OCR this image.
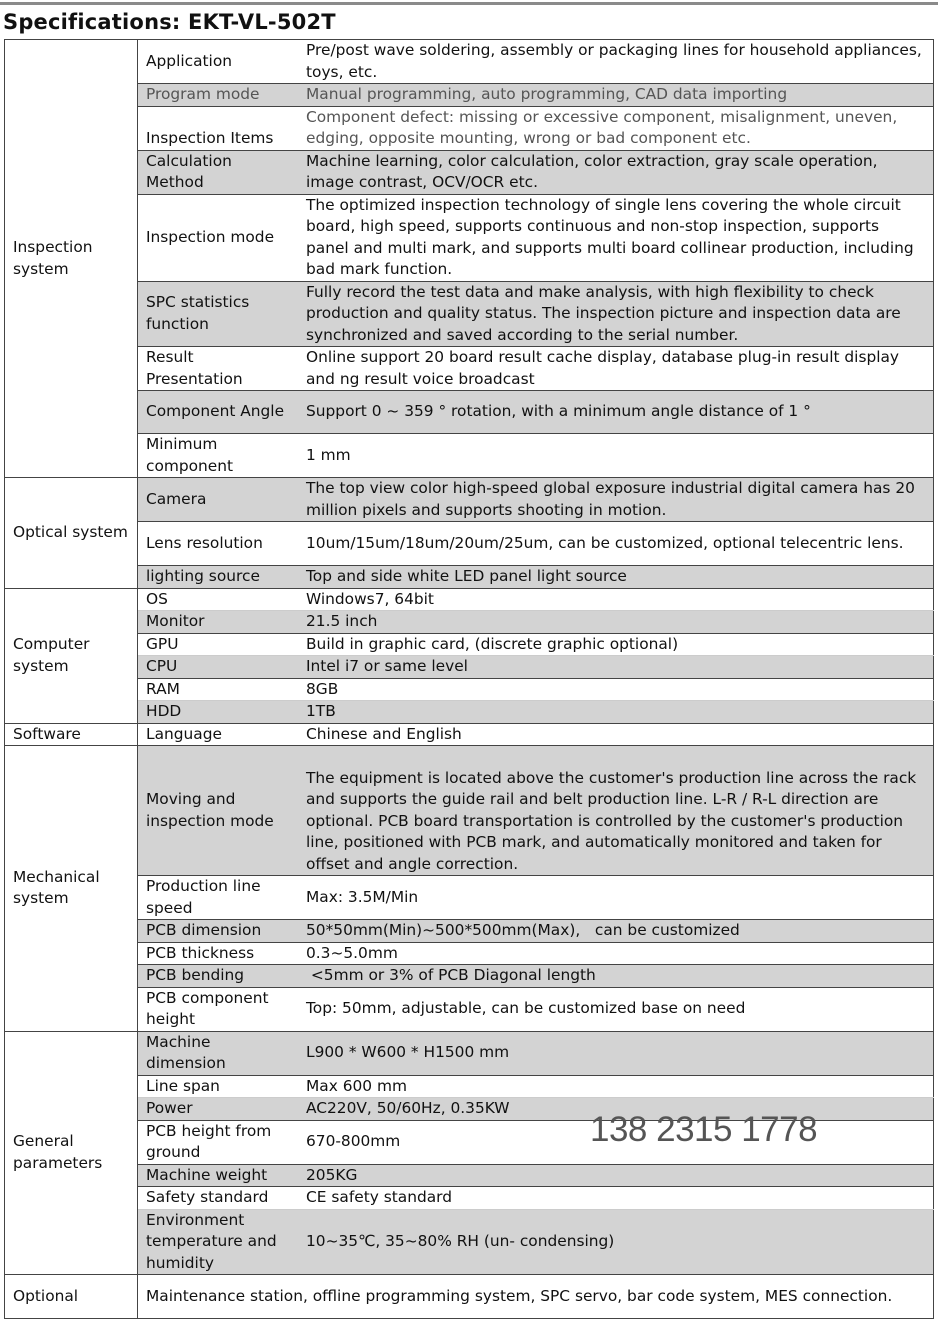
Specifications: EKT-VL-502T
Inspection system	Application	Pre/post wave soldering, assembly or packaging lines for household appliances, toys, etc.
	Program mode	Manual programming, auto programming, CAD data importing
	Inspection Items	Component defect: missing or excessive component, misalignment, uneven, edging, opposite mounting, wrong or bad component etc.
	Calculation Method	Machine learning, color calculation, color extraction, gray scale operation, image contrast, OCV/OCR etc.
	Inspection mode	The optimized inspection technology of single lens covering the whole circuit board, high speed, supports continuous and non-stop inspection, supports panel and multi mark, and supports multi board collinear production, including bad mark function.
	SPC statistics function	Fully record the test data and make analysis, with high flexibility to check production and quality status. The inspection picture and inspection data are synchronized and saved according to the serial number.
	Result Presentation	Online support 20 board result cache display, database plug-in result display and ng result voice broadcast
	Component Angle	Support 0 ~ 359 ° rotation, with a minimum angle distance of 1 °
	Minimum component	1 mm
Optical system	Camera	The top view color high-speed global exposure industrial digital camera has 20 million pixels and supports shooting in motion.
	Lens resolution	10um/15um/18um/20um/25um, can be customized, optional telecentric lens.
	lighting source	Top and side white LED panel light source
Computer system	OS	Windows7, 64bit
	Monitor	21.5 inch
	GPU	Build in graphic card, (discrete graphic optional)
	CPU	Intel i7 or same level
	RAM	8GB
	HDD	1TB
Software	Language	Chinese and English
Mechanical system	Moving and inspection mode	The equipment is located above the customer's production line across the rack and supports the guide rail and belt production line. L-R / R-L direction are optional. PCB board transportation is controlled by the customer's production line, positioned with PCB mark, and automatically monitored and taken for offset and angle correction.
	Production line speed	Max: 3.5M/Min
	PCB dimension	50*50mm(Min)~500*500mm(Max),   can be customized
	PCB thickness	0.3~5.0mm
	PCB bending	<5mm or 3% of PCB Diagonal length
	PCB component height	Top: 50mm, adjustable, can be customized base on need
General parameters	Machine dimension	L900 * W600 * H1500 mm
	Line span	Max 600 mm
	Power	AC220V, 50/60Hz, 0.35KW
	PCB height from ground	670-800mm
	Machine weight	205KG
	Safety standard	CE safety standard
	Environment temperature and humidity	10~35℃, 35~80% RH (un- condensing)
Optional	Maintenance station, offline programming system, SPC servo, bar code system, MES connection.	
138 2315 1778
